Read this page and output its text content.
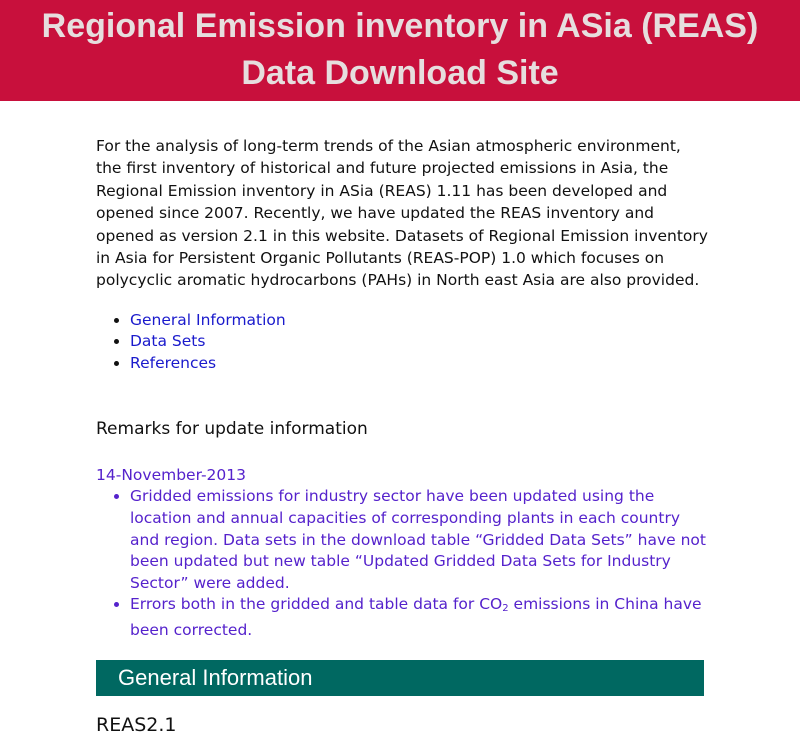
Regional Emission inventory in ASia (REAS)
Data Download Site

For the analysis of long-term trends of the Asian atmospheric environment, the first inventory of historical and future projected emissions in Asia, the Regional Emission inventory in ASia (REAS) 1.11 has been developed and opened since 2007. Recently, we have updated the REAS inventory and opened as version 2.1 in this website. Datasets of Regional Emission inventory in Asia for Persistent Organic Pollutants (REAS-POP) 1.0 which focuses on polycyclic aromatic hydrocarbons (PAHs) in North east Asia are also provided.

• General Information
• Data Sets
• References
Remarks for update information
14-November-2013
• Gridded emissions for industry sector have been updated using the location and annual capacities of corresponding plants in each country and region. Data sets in the download table “Gridded Data Sets” have not been updated but new table “Updated Gridded Data Sets for Industry Sector” were added.
• Errors both in the gridded and table data for $CO_2$ emissions in China have been corrected.
General Information
REAS2.1
